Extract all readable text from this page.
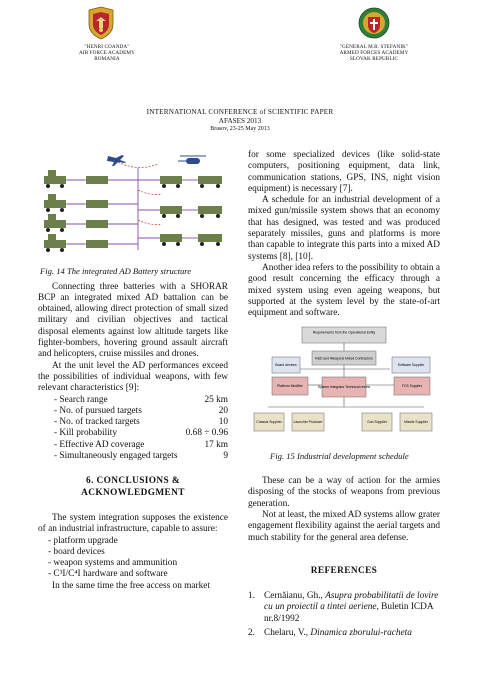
"HENRI COANDA"
AIR FORCE ACADEMY
ROMANIA
"GENERAL M.R. STEFANIK"
ARMED FORCES ACADEMY
SLOVAK REPUBLIC
INTERNATIONAL CONFERENCE of SCIENTIFIC PAPER
AFASES 2013
Brasov, 23-25 May 2013
Fig. 14 The integrated AD Battery structure

Connecting three batteries with a SHORAR BCP an integrated mixed AD battalion can be obtained, allowing direct protection of small sized military and civilian objectives and tactical disposal elements against low altitude targets like fighter-bombers, hovering ground assault aircraft and helicopters, cruise missiles and drones.

At the unit level the AD performances exceed the possibilities of individual weapons, with few relevant characteristics [9]:

- Search range	25 km
- No. of pursued targets	20
- No. of tracked targets	10
- Kill probability	0.68 ÷ 0.96
- Effective AD coverage	17 km
- Simultaneously engaged targets	9
6. CONCLUSIONS &
ACKNOWLEDGMENT

The system integration supposes the existence of an industrial infrastructure, capable to assure:

- platform upgrade
- board devices
- weapon systems and ammunition
- C³I/C⁴I hardware and software

In the same time the free access on market

for some specialized devices (like solid-state computers, positioning equipment, data link, communication stations, GPS, INS, night vision equipment) is necessary [7].

A schedule for an industrial development of a mixed gun/missile system shows that an economy that has designed, was tested and was produced separately missiles, guns and platforms is more than capable to integrate this parts into a mixed AD systems [8], [10].

Another idea refers to the possibility to obtain a good result concerning the efficacy through a mixed system using even ageing weapons, but supported at the system level by the state-of-art equipment and software.

Requirements from the Operational Entity
R&D and Weapons Mixed Contractors
Board devices	Software Supplier
Platform Modifier	System Integrator Technical review	FCS Supplier
Chassis Supplier	Launcher Producer	Gun Supplier	Missile Supplier
Fig. 15 Industrial development schedule

These can be a way of action for the armies disposing of the stocks of weapons from previous generation.

Not at least, the mixed AD systems allow grater engagement flexibility against the aerial targets and much stability for the general area defense.

REFERENCES
1. Cernăianu, Gh., Asupra probabilitatii de lovire cu un proiectil a tintei aeriene, Buletin ICDA nr.8/1992
2. Chelaru, V., Dinamica zborului-racheta
